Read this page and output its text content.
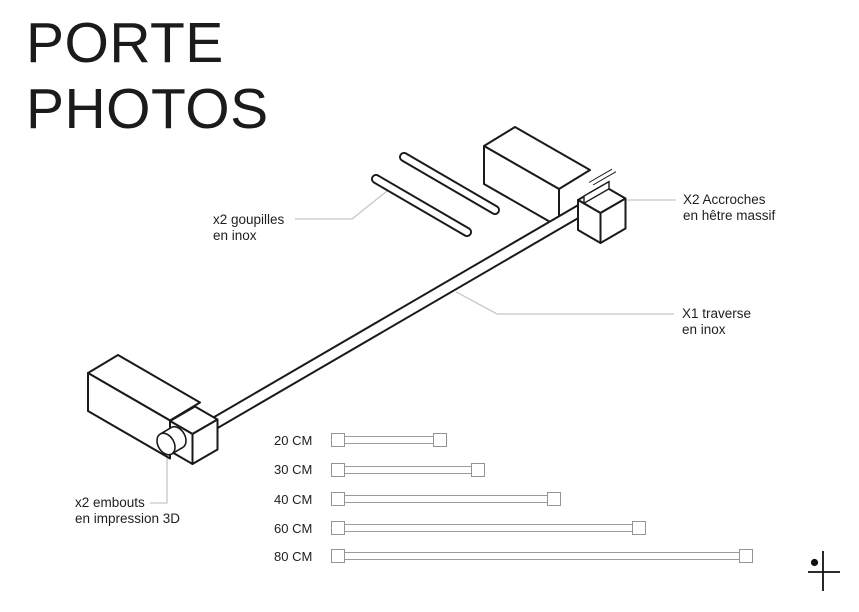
PORTE
PHOTOS
x2 goupilles
en inox
X2 Accroches
en hêtre massif
X1 traverse
en inox
x2 embouts
en impression 3D
20 CM
30 CM
40 CM
60 CM
80 CM
